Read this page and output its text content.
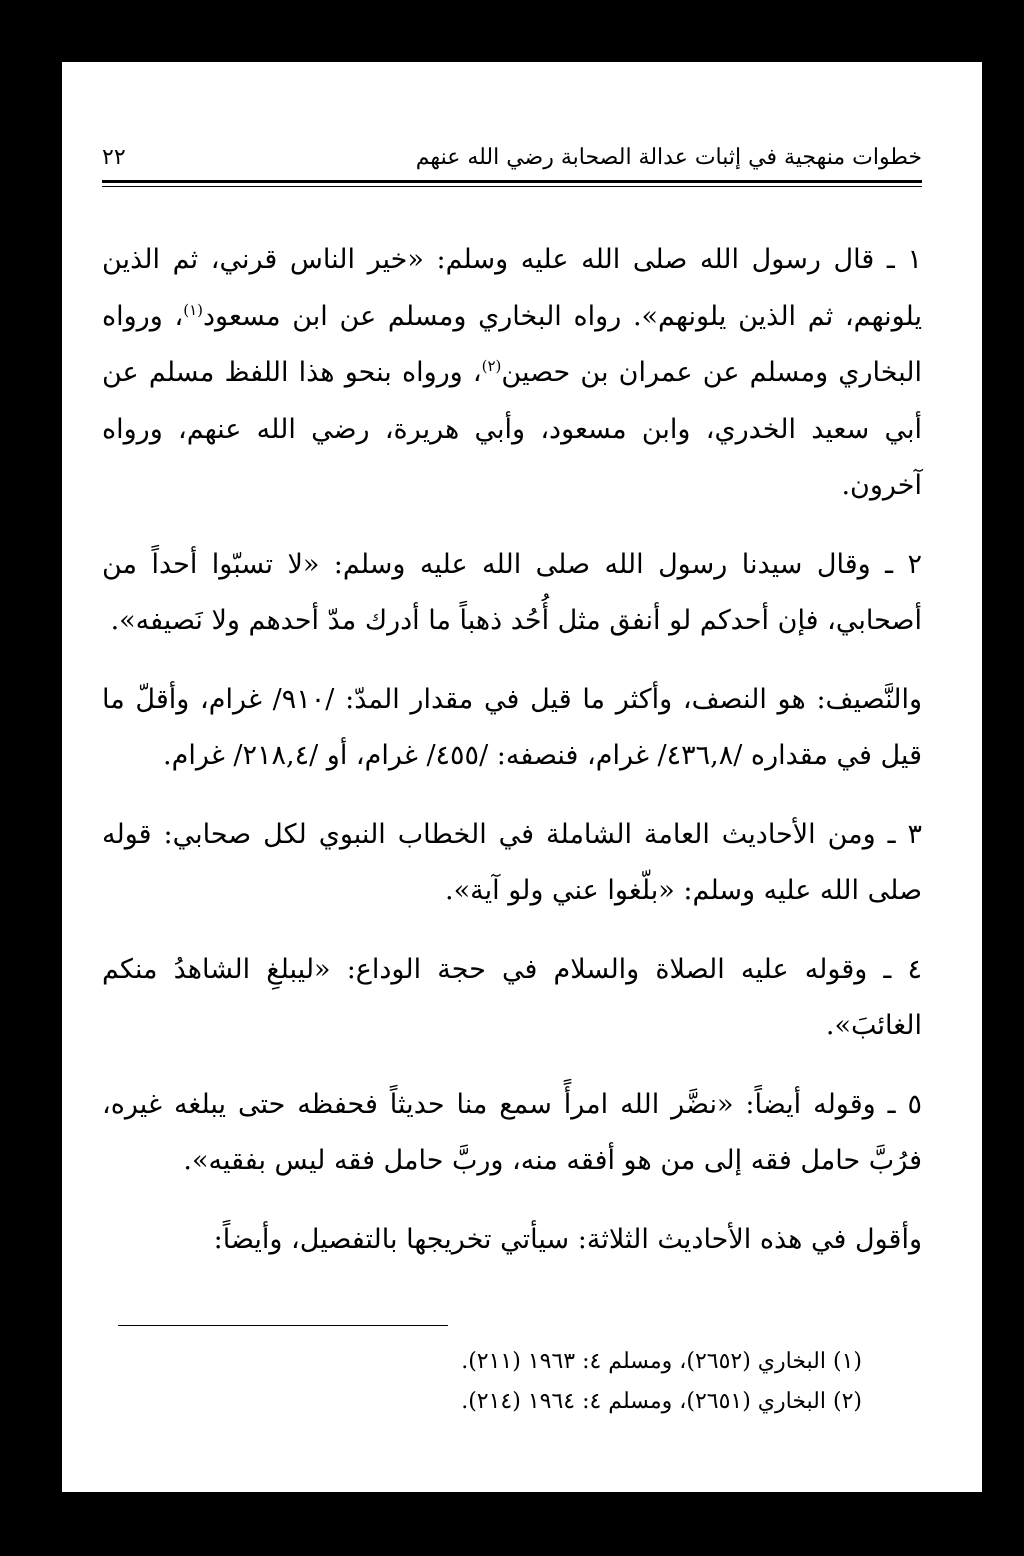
خطوات منهجية في إثبات عدالة الصحابة رضي الله عنهم
٢٢

١ ـ قال رسول الله صلى الله عليه وسلم: «خير الناس قرني، ثم الذين يلونهم، ثم الذين يلونهم». رواه البخاري ومسلم عن ابن مسعود$^{(١)}$، ورواه البخاري ومسلم عن عمران بن حصين$^{(٢)}$، ورواه بنحو هذا اللفظ مسلم عن أبي سعيد الخدري، وابن مسعود، وأبي هريرة، رضي الله عنهم، ورواه آخرون.

٢ ـ وقال سيدنا رسول الله صلى الله عليه وسلم: «لا تسبّوا أحداً من أصحابي، فإن أحدكم لو أنفق مثل أُحُد ذهباً ما أدرك مدّ أحدهم ولا نَصيفه».

والنَّصيف: هو النصف، وأكثر ما قيل في مقدار المدّ: /٩١٠/ غرام، وأقلّ ما قيل في مقداره /٤٣٦,٨/ غرام، فنصفه: /٤٥٥/ غرام، أو /٢١٨,٤/ غرام.

٣ ـ ومن الأحاديث العامة الشاملة في الخطاب النبوي لكل صحابي: قوله صلى الله عليه وسلم: «بلّغوا عني ولو آية».

٤ ـ وقوله عليه الصلاة والسلام في حجة الوداع: «ليبلغِ الشاهدُ منكم الغائبَ».

٥ ـ وقوله أيضاً: «نضَّر الله امرأً سمع منا حديثاً فحفظه حتى يبلغه غيره، فرُبَّ حامل فقه إلى من هو أفقه منه، وربَّ حامل فقه ليس بفقيه».

وأقول في هذه الأحاديث الثلاثة: سيأتي تخريجها بالتفصيل، وأيضاً:

(١) البخاري (٢٦٥٢)، ومسلم ٤: ١٩٦٣ (٢١١).

(٢) البخاري (٢٦٥١)، ومسلم ٤: ١٩٦٤ (٢١٤).
